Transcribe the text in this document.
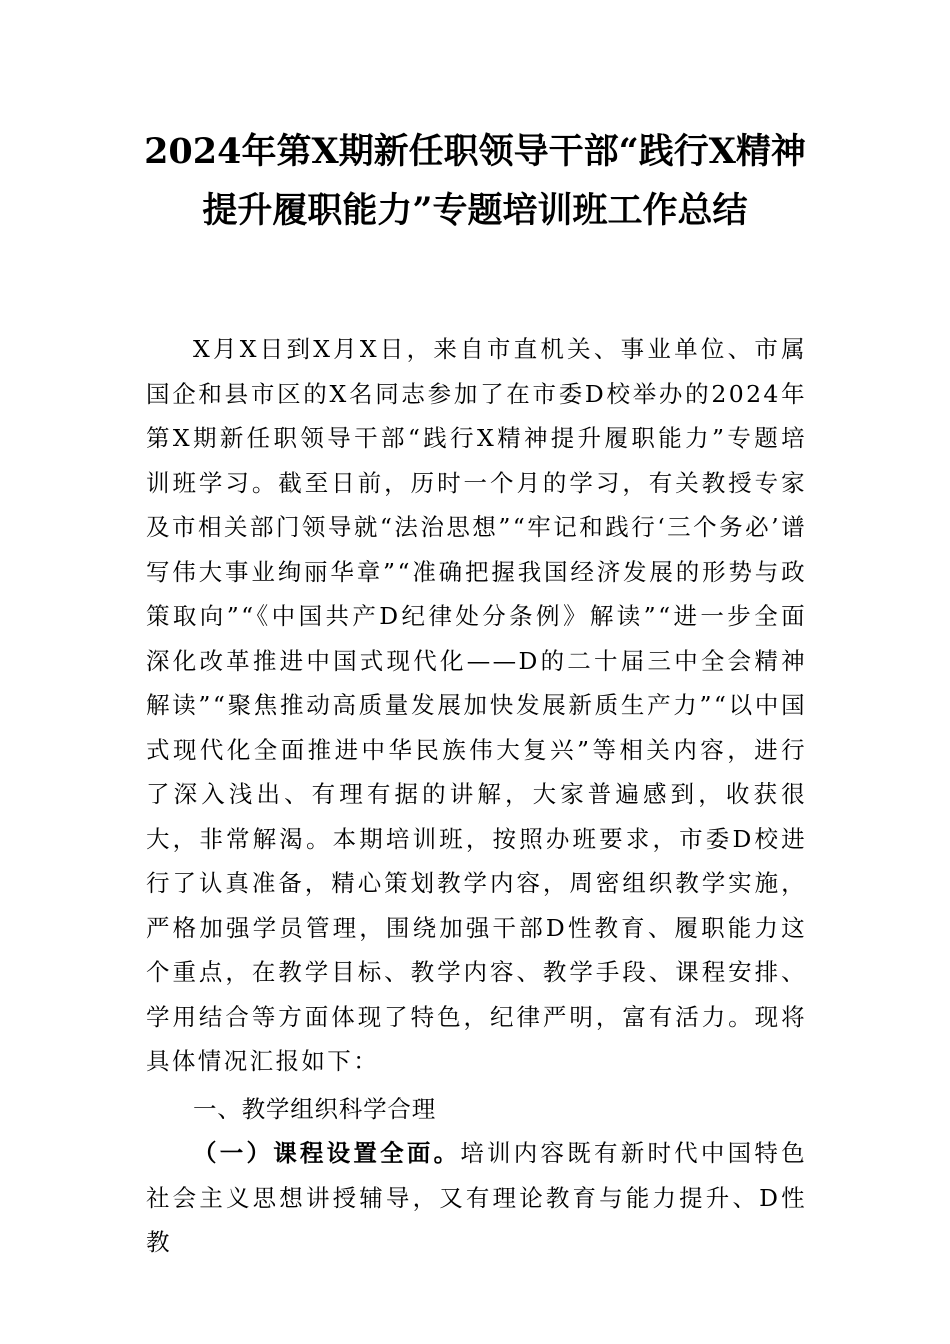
2024年第X期新任职领导干部“践行X精神提升履职能力”专题培训班工作总结

X月X日到X月X日，来自市直机关、事业单位、市属国企和县市区的X名同志参加了在市委D校举办的2024年第X期新任职领导干部“践行X精神提升履职能力”专题培训班学习。截至日前，历时一个月的学习，有关教授专家及市相关部门领导就“法治思想”“牢记和践行‘三个务必’谱写伟大事业绚丽华章”“准确把握我国经济发展的形势与政策取向”“《中国共产D纪律处分条例》解读”“进一步全面深化改革推进中国式现代化——D的二十届三中全会精神解读”“聚焦推动高质量发展加快发展新质生产力”“以中国式现代化全面推进中华民族伟大复兴”等相关内容，进行了深入浅出、有理有据的讲解，大家普遍感到，收获很大，非常解渴。本期培训班，按照办班要求，市委D校进行了认真准备，精心策划教学内容，周密组织教学实施，严格加强学员管理，围绕加强干部D性教育、履职能力这个重点，在教学目标、教学内容、教学手段、课程安排、学用结合等方面体现了特色，纪律严明，富有活力。现将具体情况汇报如下：

一、教学组织科学合理

（一）课程设置全面。培训内容既有新时代中国特色社会主义思想讲授辅导，又有理论教育与能力提升、D性教
